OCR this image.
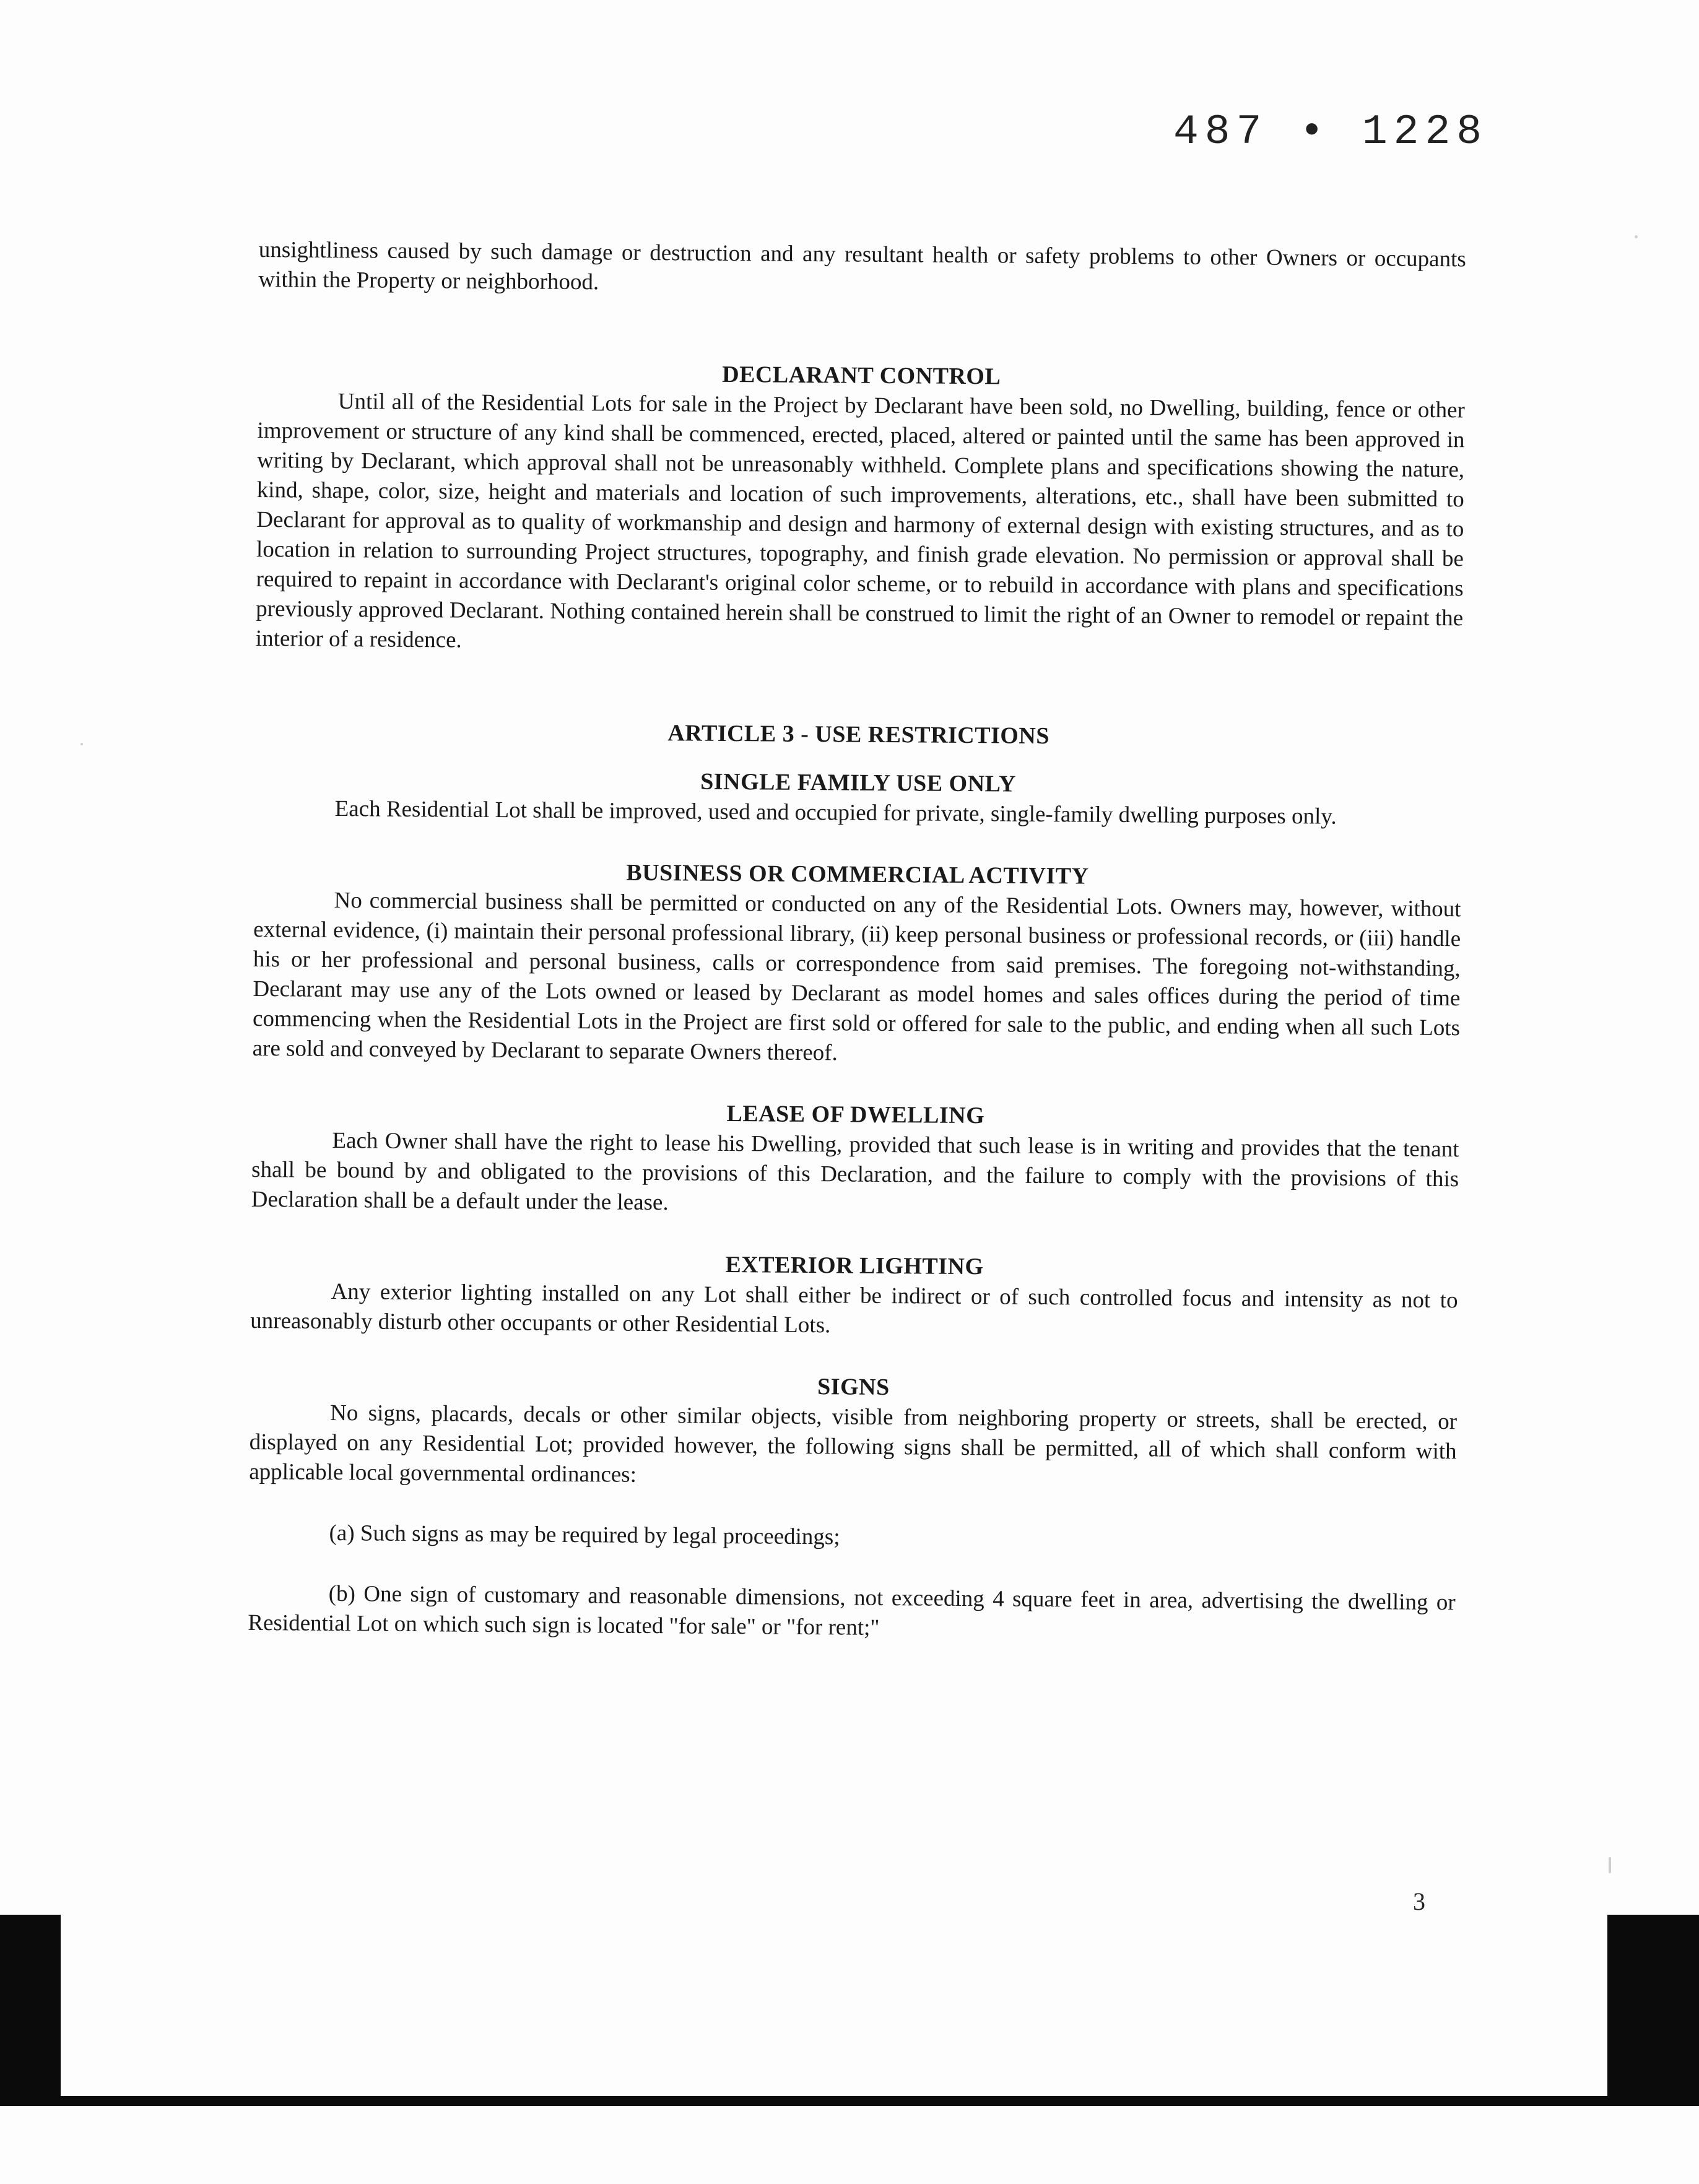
487 • 1228

unsightliness caused by such damage or destruction and any resultant health or safety problems to other Owners or occupants within the Property or neighborhood.

DECLARANT CONTROL

Until all of the Residential Lots for sale in the Project by Declarant have been sold, no Dwelling, building, fence or other improvement or structure of any kind shall be commenced, erected, placed, altered or painted until the same has been approved in writing by Declarant, which approval shall not be unreasonably withheld. Complete plans and specifications showing the nature, kind, shape, color, size, height and materials and location of such improvements, alterations, etc., shall have been submitted to Declarant for approval as to quality of workmanship and design and harmony of external design with existing structures, and as to location in relation to surrounding Project structures, topography, and finish grade elevation. No permission or approval shall be required to repaint in accordance with Declarant's original color scheme, or to rebuild in accordance with plans and specifications previously approved Declarant. Nothing contained herein shall be construed to limit the right of an Owner to remodel or repaint the interior of a residence.

ARTICLE 3 - USE RESTRICTIONS
SINGLE FAMILY USE ONLY

Each Residential Lot shall be improved, used and occupied for private, single-family dwelling purposes only.

BUSINESS OR COMMERCIAL ACTIVITY

No commercial business shall be permitted or conducted on any of the Residential Lots. Owners may, however, without external evidence, (i) maintain their personal professional library, (ii) keep personal business or professional records, or (iii) handle his or her professional and personal business, calls or correspondence from said premises. The foregoing not-withstanding, Declarant may use any of the Lots owned or leased by Declarant as model homes and sales offices during the period of time commencing when the Residential Lots in the Project are first sold or offered for sale to the public, and ending when all such Lots are sold and conveyed by Declarant to separate Owners thereof.

LEASE OF DWELLING

Each Owner shall have the right to lease his Dwelling, provided that such lease is in writing and provides that the tenant shall be bound by and obligated to the provisions of this Declaration, and the failure to comply with the provisions of this Declaration shall be a default under the lease.

EXTERIOR LIGHTING

Any exterior lighting installed on any Lot shall either be indirect or of such controlled focus and intensity as not to unreasonably disturb other occupants or other Residential Lots.

SIGNS

No signs, placards, decals or other similar objects, visible from neighboring property or streets, shall be erected, or displayed on any Residential Lot; provided however, the following signs shall be permitted, all of which shall conform with applicable local governmental ordinances:

(a) Such signs as may be required by legal proceedings;

(b) One sign of customary and reasonable dimensions, not exceeding 4 square feet in area, advertising the dwelling or Residential Lot on which such sign is located "for sale" or "for rent;"

3
